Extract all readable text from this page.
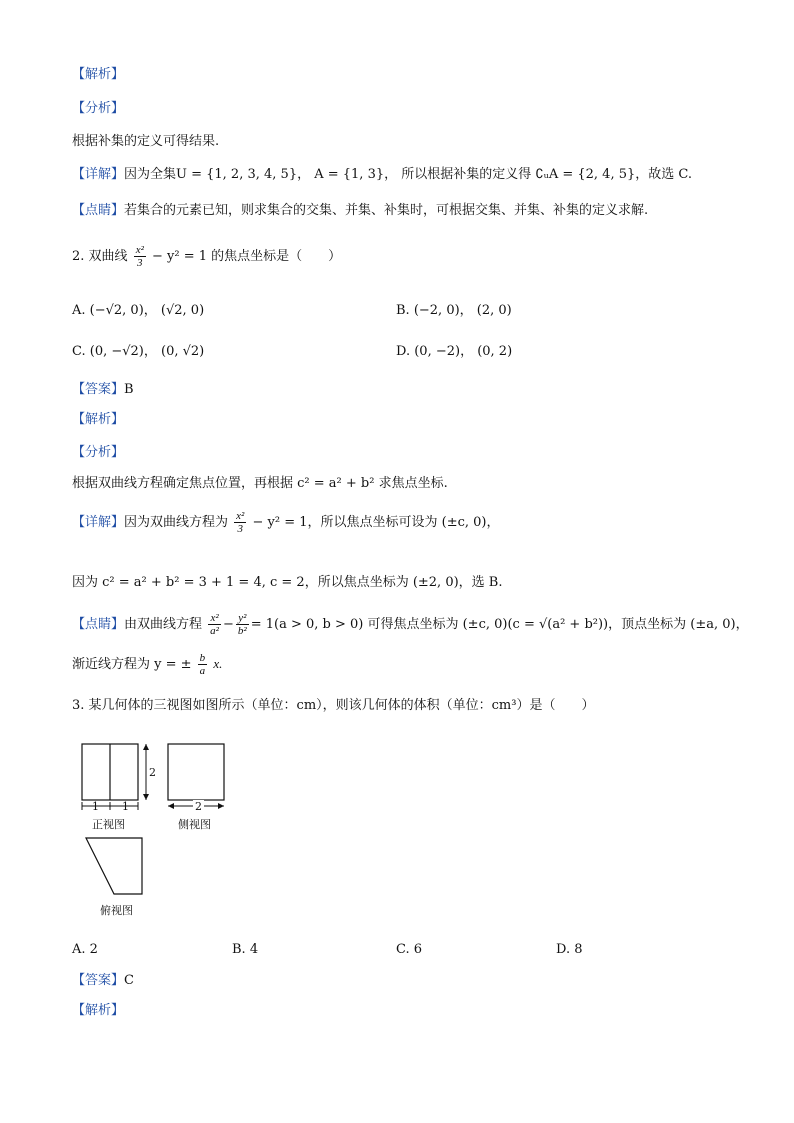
【解析】
【分析】
根据补集的定义可得结果.
【详解】因为全集U = {1, 2, 3, 4, 5}， A = {1, 3}， 所以根据补集的定义得 ∁ᵤA = {2, 4, 5}，故选 C.
【点睛】若集合的元素已知，则求集合的交集、并集、补集时，可根据交集、并集、补集的定义求解.
2. 双曲线 $\frac{\text{x²}}{3} - y^2 = 1$ 的焦点坐标是（　　）
A. (−√2, 0)， (√2, 0)	B. (−2, 0)， (2, 0)
C. (0, −√2)， (0, √2)	D. (0, −2)， (0, 2)
【答案】B
【解析】
【分析】
根据双曲线方程确定焦点位置，再根据 c² = a² + b² 求焦点坐标.
【详解】因为双曲线方程为 $\frac{\text{x²}}{3} - y^2 = 1$，所以焦点坐标可设为 (±c, 0)，
因为 c² = a² + b² = 3 + 1 = 4, c = 2，所以焦点坐标为 (±2, 0)，选 B.
【点睛】由双曲线方程 $\frac{\text{x²}}{\text{a²}} - \frac{\text{y²}}{\text{b²}} = 1(a > 0$, b > 0) 可得焦点坐标为 (±c, 0)(c = √(a² + b²))，顶点坐标为 (±a, 0)，
渐近线方程为 y = ± $\frac{b}{a} x$.
3. 某几何体的三视图如图所示（单位：cm），则该几何体的体积（单位：cm³）是（　　）
1 1
2
2
正视图	侧视图
俯视图
A. 2	B. 4	C. 6	D. 8
【答案】C
【解析】
